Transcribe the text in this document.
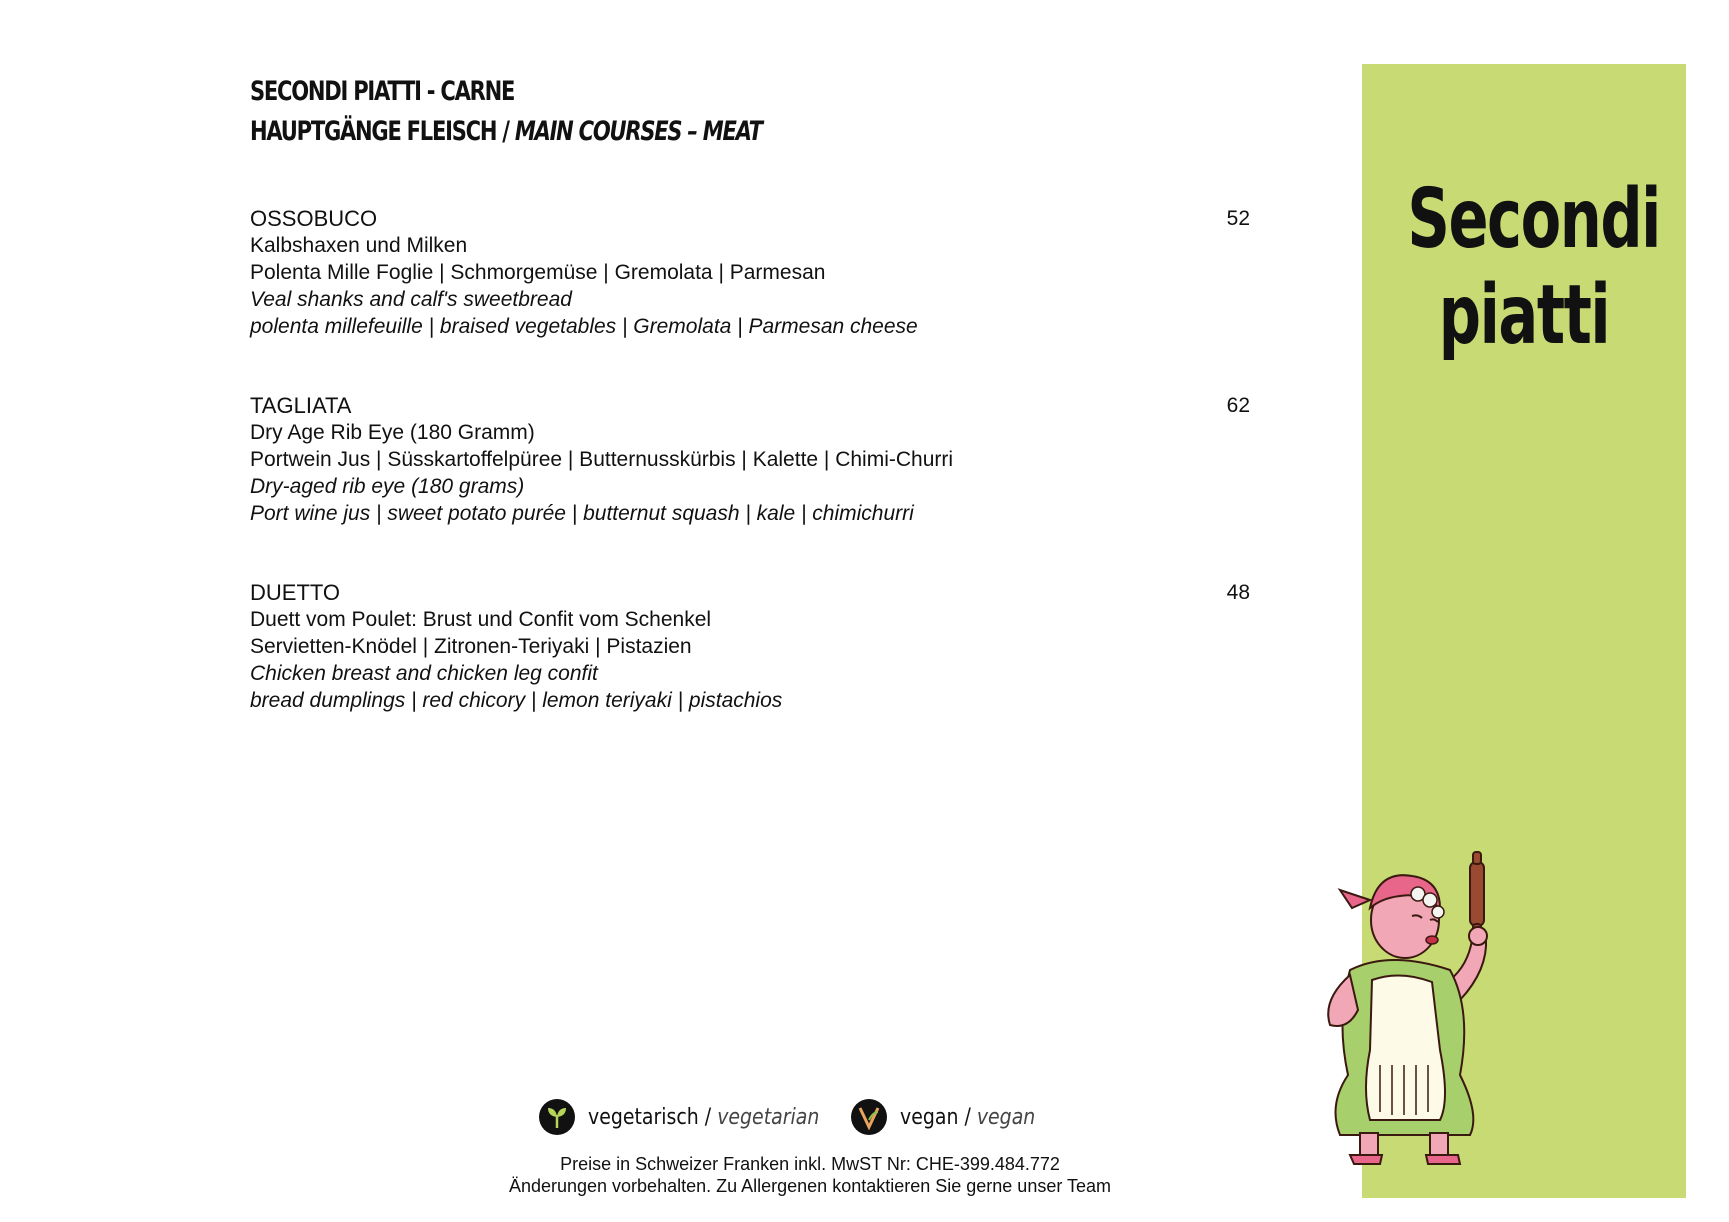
SECONDI PIATTI - CARNE
HAUPTGÄNGE FLEISCH / MAIN COURSES – MEAT
OSSOBUCO	52
Kalbshaxen und Milken
Polenta Mille Foglie | Schmorgemüse | Gremolata | Parmesan
Veal shanks and calf's sweetbread
polenta millefeuille | braised vegetables | Gremolata | Parmesan cheese
TAGLIATA	62
Dry Age Rib Eye (180 Gramm)
Portwein Jus | Süsskartoffelpüree | Butternusskürbis | Kalette | Chimi-Churri
Dry-aged rib eye (180 grams)
Port wine jus | sweet potato purée | butternut squash | kale | chimichurri
DUETTO	48
Duett vom Poulet: Brust und Confit vom Schenkel
Servietten-Knödel | Zitronen-Teriyaki | Pistazien
Chicken breast and chicken leg confit
bread dumplings | red chicory | lemon teriyaki | pistachios
Secondi
piatti
vegetarisch / vegetarian	vegan / vegan
Preise in Schweizer Franken inkl. MwST Nr: CHE-399.484.772
Änderungen vorbehalten. Zu Allergenen kontaktieren Sie gerne unser Team
